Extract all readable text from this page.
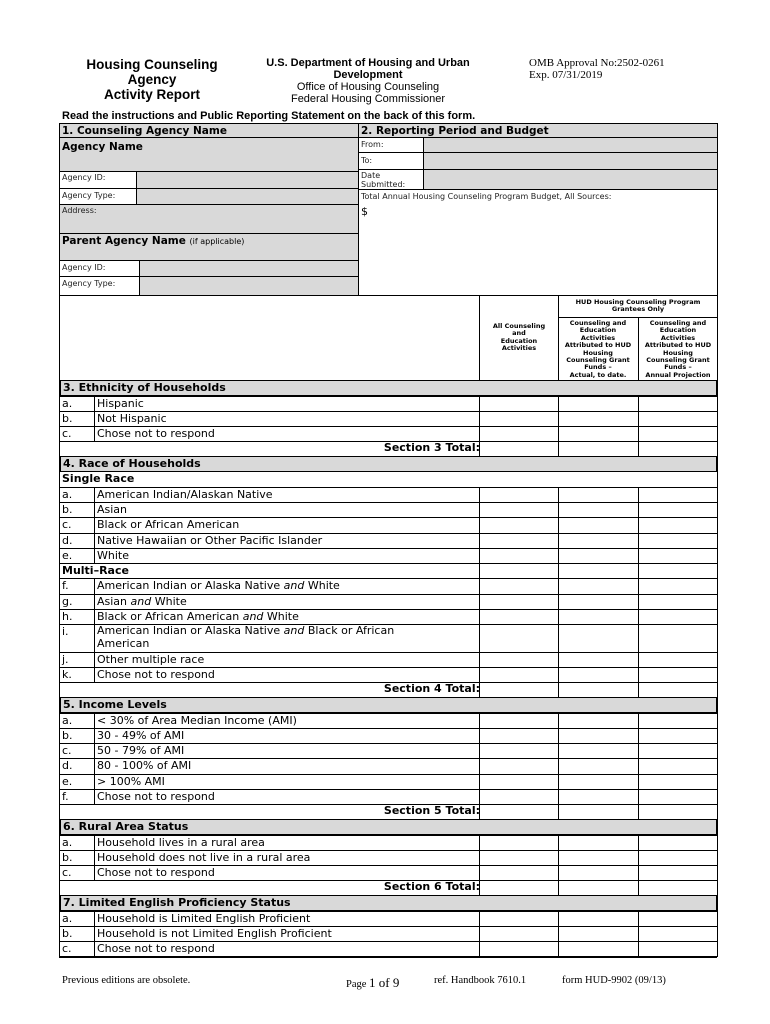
Housing Counseling
Agency
Activity Report
U.S. Department of Housing and Urban
Development
Office of Housing Counseling
Federal Housing Commissioner
OMB Approval No:2502-0261
Exp. 07/31/2019
Read the instructions and Public Reporting Statement on the back of this form.
1. Counseling Agency Name	2. Reporting Period and Budget
Agency Name
Agency ID:
Agency Type:
Address:
Parent Agency Name (if applicable)
Agency ID:
Agency Type:
From:
To:
Date
Submitted:
Total Annual Housing Counseling Program Budget, All Sources:
$
HUD Housing Counseling Program
Grantees Only
All Counseling
and
Education
Activities
Counseling and
Education
Activities
Attributed to HUD
Housing
Counseling Grant
Funds –
Actual, to date.
Counseling and
Education
Activities
Attributed to HUD
Housing
Counseling Grant
Funds –
Annual Projection
3. Ethnicity of Households
a. Hispanic
b. Not Hispanic
c. Chose not to respond
Section 3 Total:
4. Race of Households
Single Race
a. American Indian/Alaskan Native
b. Asian
c. Black or African American
d. Native Hawaiian or Other Pacific Islander
e. White
Multi–Race
f.	American Indian or Alaska Native and White
g. Asian and White
h. Black or African American and White
i.	American Indian or Alaska Native and Black or African
American
j.	Other multiple race
k. Chose not to respond
Section 4 Total:
5. Income Levels
a. < 30% of Area Median Income (AMI)
b. 30 - 49% of AMI
c. 50 - 79% of AMI
d. 80 - 100% of AMI
e. > 100% AMI
f.	Chose not to respond
Section 5 Total:
6. Rural Area Status
a. Household lives in a rural area
b. Household does not live in a rural area
c. Chose not to respond
Section 6 Total:
7. Limited English Proficiency Status
a. Household is Limited English Proficient
b. Household is not Limited English Proficient
c. Chose not to respond
Previous editions are obsolete.	Page 1 of 9	ref. Handbook 7610.1	form HUD-9902 (09/13)
